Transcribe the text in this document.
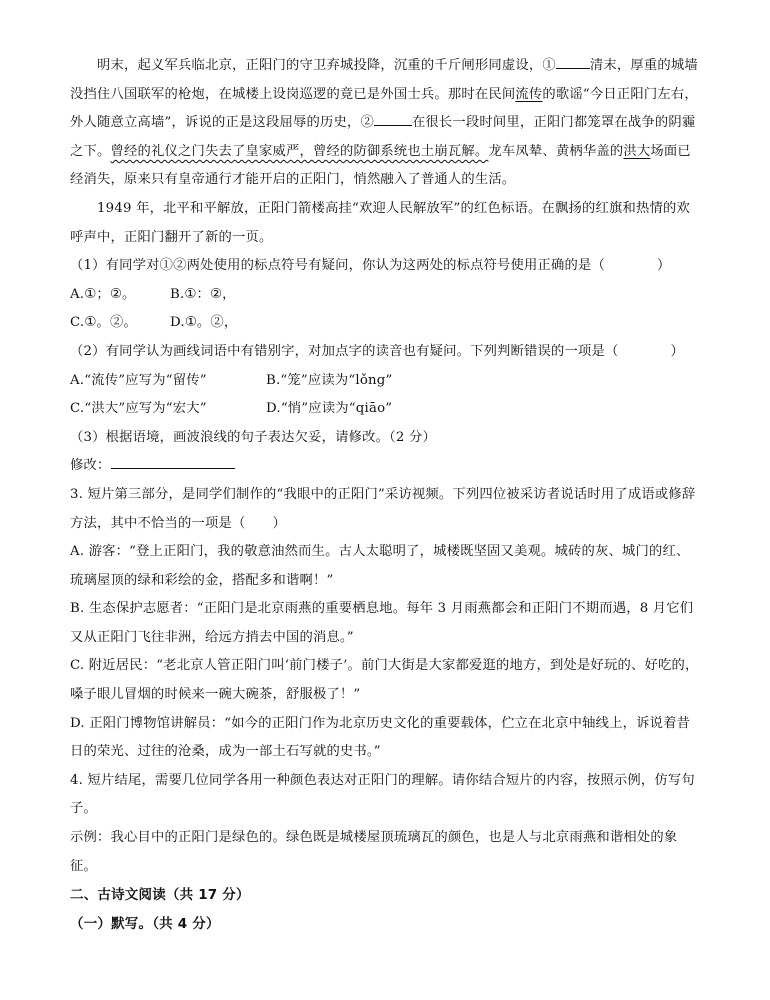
明末，起义军兵临北京，正阳门的守卫弃城投降，沉重的千斤闸形同虚设，①	清末，厚重的城墙没挡住八国联军的枪炮，在城楼上设岗巡逻的竟已是外国士兵。那时在民间流传的歌谣“今日正阳门左右，外人随意立高墙”，诉说的正是这段屈辱的历史，②	在很长一段时间里，正阳门都笼罩在战争的阴霾之下。曾经的礼仪之门失去了皇家威严，曾经的防御系统也土崩瓦解。龙车凤辇、黄柄华盖的洪大场面已经消失，原来只有皇帝通行才能开启的正阳门，悄然融入了普通人的生活。

1949 年，北平和平解放，正阳门箭楼高挂“欢迎人民解放军”的红色标语。在飘扬的红旗和热情的欢呼声中，正阳门翻开了新的一页。

（1）有同学对①②两处使用的标点符号有疑问，你认为这两处的标点符号使用正确的是（	）

A.①；②。	B.①：②，

C.①。②。 D.①。②，

（2）有同学认为画线词语中有错别字，对加点字的读音也有疑问。下列判断错误的一项是（	）

A.“流传”应写为“留传”	B.“笼”应读为“lǒng”

C.“洪大”应写为“宏大”	D.“悄”应读为“qiāo”

（3）根据语境，画波浪线的句子表达欠妥，请修改。（2 分）

修改：

3. 短片第三部分，是同学们制作的“我眼中的正阳门”采访视频。下列四位被采访者说话时用了成语或修辞方法，其中不恰当的一项是（　　）

A. 游客：“登上正阳门，我的敬意油然而生。古人太聪明了，城楼既坚固又美观。城砖的灰、城门的红、琉璃屋顶的绿和彩绘的金，搭配多和谐啊！”

B. 生态保护志愿者：“正阳门是北京雨燕的重要栖息地。每年 3 月雨燕都会和正阳门不期而遇，8 月它们又从正阳门飞往非洲，给远方捎去中国的消息。”

C. 附近居民：“老北京人管正阳门叫‘前门楼子’。前门大街是大家都爱逛的地方，到处是好玩的、好吃的，嗓子眼儿冒烟的时候来一碗大碗茶，舒服极了！”

D. 正阳门博物馆讲解员：“如今的正阳门作为北京历史文化的重要载体，伫立在北京中轴线上，诉说着昔日的荣光、过往的沧桑，成为一部土石写就的史书。”

4. 短片结尾，需要几位同学各用一种颜色表达对正阳门的理解。请你结合短片的内容，按照示例，仿写句子。

示例：我心目中的正阳门是绿色的。绿色既是城楼屋顶琉璃瓦的颜色，也是人与北京雨燕和谐相处的象征。

二、古诗文阅读（共 17 分）

（一）默写。（共 4 分）
